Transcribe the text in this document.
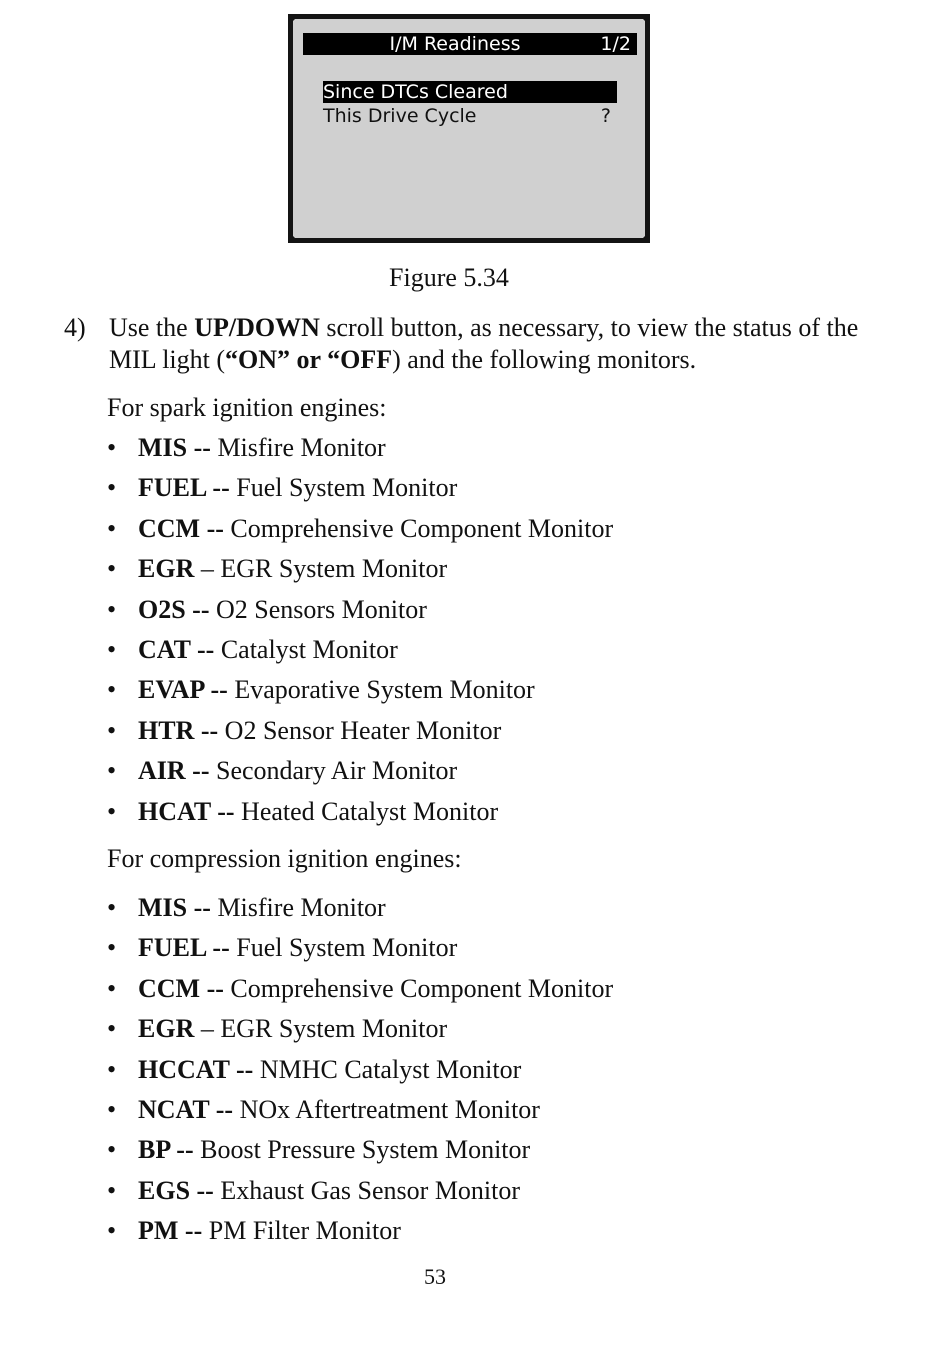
I/M Readiness	1/2
Since DTCs Cleared
This Drive Cycle	?
Figure 5.34
4) Use the UP/DOWN scroll button, as necessary, to view the status of the MIL light (“ON” or “OFF) and the following monitors.
For spark ignition engines:
• MIS -- Misfire Monitor
• FUEL -- Fuel System Monitor
• CCM -- Comprehensive Component Monitor
• EGR – EGR System Monitor
• O2S -- O2 Sensors Monitor
• CAT -- Catalyst Monitor
• EVAP -- Evaporative System Monitor
• HTR -- O2 Sensor Heater Monitor
• AIR -- Secondary Air Monitor
• HCAT -- Heated Catalyst Monitor
For compression ignition engines:
• MIS -- Misfire Monitor
• FUEL -- Fuel System Monitor
• CCM -- Comprehensive Component Monitor
• EGR – EGR System Monitor
• HCCAT -- NMHC Catalyst Monitor
• NCAT -- NOx Aftertreatment Monitor
• BP -- Boost Pressure System Monitor
• EGS -- Exhaust Gas Sensor Monitor
• PM -- PM Filter Monitor
53
